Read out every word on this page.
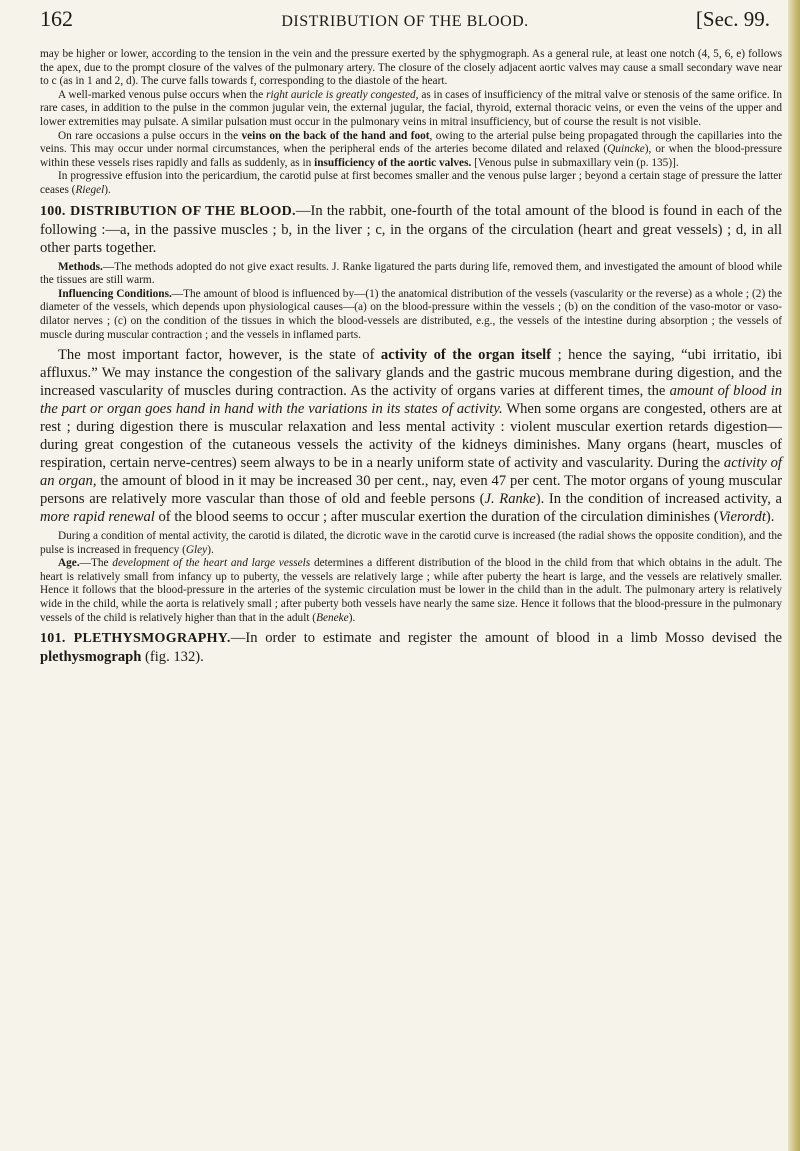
162	DISTRIBUTION OF THE BLOOD.	[Sec. 99.

may be higher or lower, according to the tension in the vein and the pressure exerted by the sphygmograph. As a general rule, at least one notch (4, 5, 6, e) follows the apex, due to the prompt closure of the valves of the pulmonary artery. The closure of the closely adjacent aortic valves may cause a small secondary wave near to c (as in 1 and 2, d). The curve falls towards f, corresponding to the diastole of the heart.

A well-marked venous pulse occurs when the right auricle is greatly congested, as in cases of insufficiency of the mitral valve or stenosis of the same orifice. In rare cases, in addition to the pulse in the common jugular vein, the external jugular, the facial, thyroid, external thoracic veins, or even the veins of the upper and lower extremities may pulsate. A similar pulsation must occur in the pulmonary veins in mitral insufficiency, but of course the result is not visible.

On rare occasions a pulse occurs in the veins on the back of the hand and foot, owing to the arterial pulse being propagated through the capillaries into the veins. This may occur under normal circumstances, when the peripheral ends of the arteries become dilated and relaxed (Quincke), or when the blood-pressure within these vessels rises rapidly and falls as suddenly, as in insufficiency of the aortic valves. [Venous pulse in submaxillary vein (p. 135)].

In progressive effusion into the pericardium, the carotid pulse at first becomes smaller and the venous pulse larger ; beyond a certain stage of pressure the latter ceases (Riegel).

100. DISTRIBUTION OF THE BLOOD.—In the rabbit, one-fourth of the total amount of the blood is found in each of the following :—a, in the passive muscles ; b, in the liver ; c, in the organs of the circulation (heart and great vessels) ; d, in all other parts together.

Methods.—The methods adopted do not give exact results. J. Ranke ligatured the parts during life, removed them, and investigated the amount of blood while the tissues are still warm.

Influencing Conditions.—The amount of blood is influenced by—(1) the anatomical distribution of the vessels (vascularity or the reverse) as a whole ; (2) the diameter of the vessels, which depends upon physiological causes—(a) on the blood-pressure within the vessels ; (b) on the condition of the vaso-motor or vaso-dilator nerves ; (c) on the condition of the tissues in which the blood-vessels are distributed, e.g., the vessels of the intestine during absorption ; the vessels of muscle during muscular contraction ; and the vessels in inflamed parts.

The most important factor, however, is the state of activity of the organ itself ; hence the saying, “ubi irritatio, ibi affluxus.” We may instance the congestion of the salivary glands and the gastric mucous membrane during digestion, and the increased vascularity of muscles during contraction. As the activity of organs varies at different times, the amount of blood in the part or organ goes hand in hand with the variations in its states of activity. When some organs are congested, others are at rest ; during digestion there is muscular relaxation and less mental activity : violent muscular exertion retards digestion—during great congestion of the cutaneous vessels the activity of the kidneys diminishes. Many organs (heart, muscles of respiration, certain nerve-centres) seem always to be in a nearly uniform state of activity and vascularity. During the activity of an organ, the amount of blood in it may be increased 30 per cent., nay, even 47 per cent. The motor organs of young muscular persons are relatively more vascular than those of old and feeble persons (J. Ranke). In the condition of increased activity, a more rapid renewal of the blood seems to occur ; after muscular exertion the duration of the circulation diminishes (Vierordt).

During a condition of mental activity, the carotid is dilated, the dicrotic wave in the carotid curve is increased (the radial shows the opposite condition), and the pulse is increased in frequency (Gley).

Age.—The development of the heart and large vessels determines a different distribution of the blood in the child from that which obtains in the adult. The heart is relatively small from infancy up to puberty, the vessels are relatively large ; while after puberty the heart is large, and the vessels are relatively smaller. Hence it follows that the blood-pressure in the arteries of the systemic circulation must be lower in the child than in the adult. The pulmonary artery is relatively wide in the child, while the aorta is relatively small ; after puberty both vessels have nearly the same size. Hence it follows that the blood-pressure in the pulmonary vessels of the child is relatively higher than that in the adult (Beneke).

101. PLETHYSMOGRAPHY.—In order to estimate and register the amount of blood in a limb Mosso devised the plethysmograph (fig. 132).
